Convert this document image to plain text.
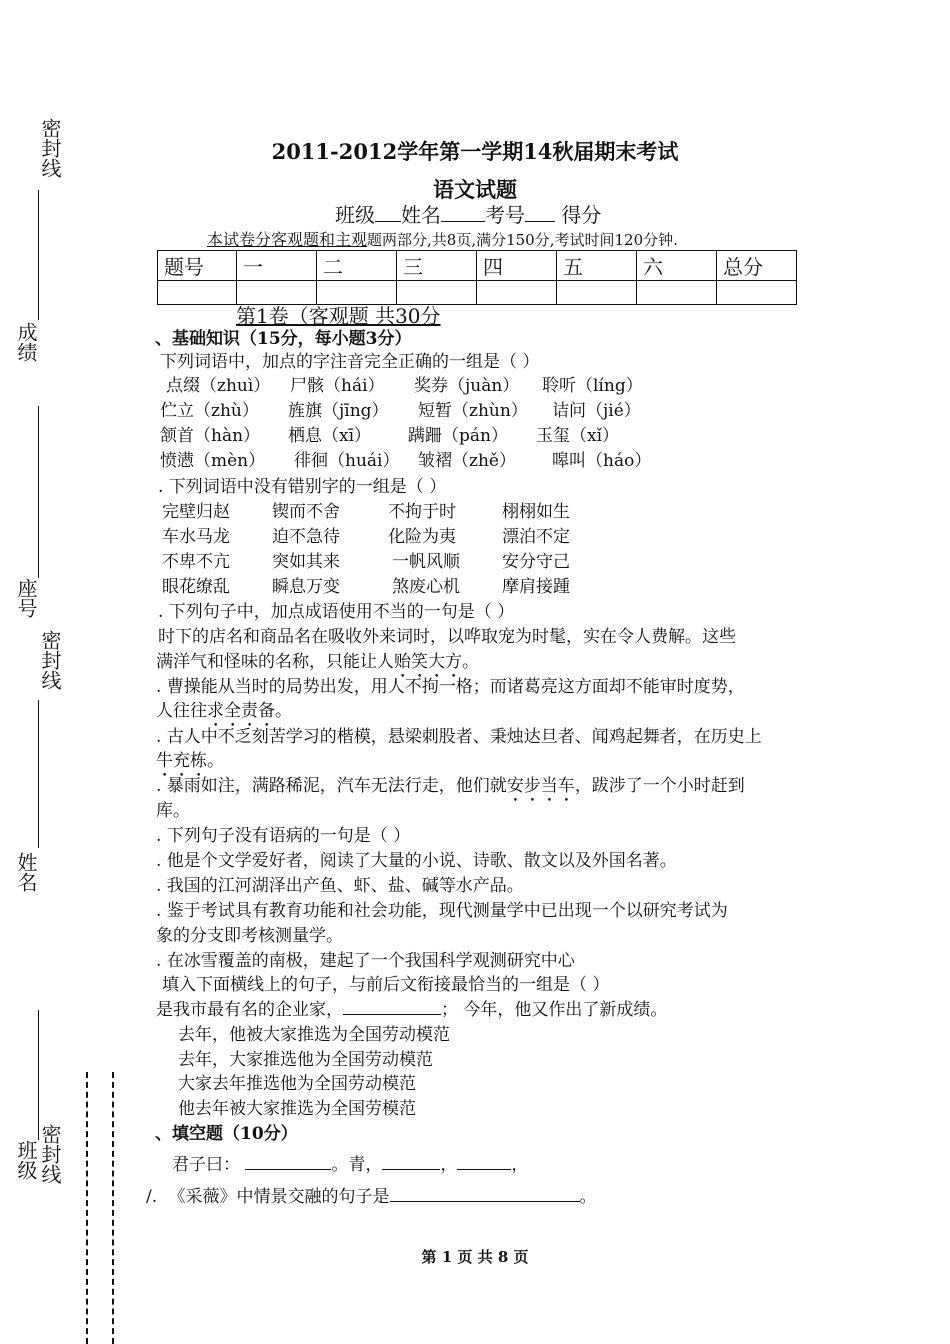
密封线
成绩
座号
密封线
姓名
班级 密封线
2011-2012学年第一学期14秋届期末考试
语文试题
班级 姓名 考号 得分
本试卷分客观题和主观题两部分,共8页,满分150分,考试时间120分钟.
题号	一	二	三	四	五	六	总分

第1卷（客观题 共30分
、基础知识（15分，每小题3分）
下列词语中，加点的字注音完全正确的一组是（ ）
点缀（zhuì） 尸骸（hái） 奖券（juàn） 聆听（líng）
伫立（zhù） 旌旗（jīng） 短暂（zhùn） 诘问（jié）
颔首（hàn） 栖息（xī） 蹒跚（pán） 玉玺（xǐ）
愤懑（mèn） 徘徊（huái） 皱褶（zhě） 嗥叫（háo）
. 下列词语中没有错别字的一组是（ ）
完壁归赵 锲而不舍	不拘于时	栩栩如生
车水马龙 迫不急待	化险为夷	漂泊不定
不卑不亢 突如其来	一帆风顺 安分守己
眼花缭乱 瞬息万变	煞废心机 摩肩接踵
. 下列句子中，加点成语使用不当的一句是（ ）
时下的店名和商品名在吸收外来词时，以哗取宠为时髦，实在令人费解。这些
满洋气和怪味的名称，只能让人贻笑大方。
. 曹操能从当时的局势出发，用人不拘一格；而诸葛亮这方面却不能审时度势，
人往往求全责备。
. 古人中不乏刻苦学习的楷模，悬梁刺股者、秉烛达旦者、闻鸡起舞者，在历史上
牛充栋。
. 暴雨如注，满路稀泥，汽车无法行走，他们就安步当车，跋涉了一个小时赶到
库。
. 下列句子没有语病的一句是（ ）
. 他是个文学爱好者，阅读了大量的小说、诗歌、散文以及外国名著。
. 我国的江河湖泽出产鱼、虾、盐、碱等水产品。
. 鉴于考试具有教育功能和社会功能，现代测量学中已出现一个以研究考试为
象的分支即考核测量学。
. 在冰雪覆盖的南极，建起了一个我国科学观测研究中心
填入下面横线上的句子，与前后文衔接最恰当的一组是（ ）
是我市最有名的企业家，	； 今年，他又作出了新成绩。
去年，他被大家推选为全国劳动模范
去年，大家推选他为全国劳动模范
大家去年推选他为全国劳动模范
他去年被大家推选为全国劳模范
、填空题（10分）
君子曰：	。青，	，	，
/. 《采薇》中情景交融的句子是	。
第 1 页 共 8 页
